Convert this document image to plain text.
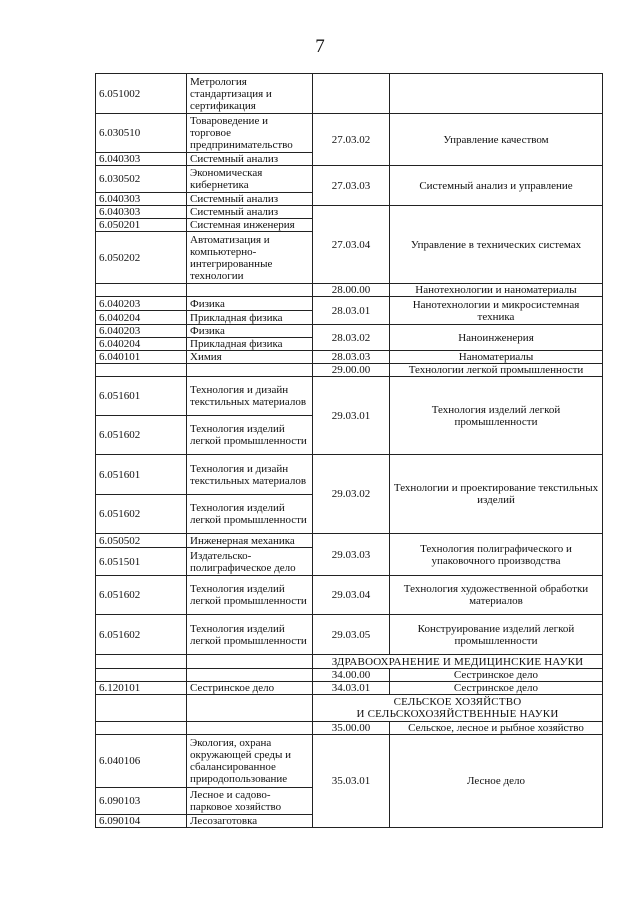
7
6.051002	Метрология стандартизация и сертификация		
6.030510	Товароведение и торговое предпринимательство	27.03.02	Управление качеством
6.040303	Системный анализ		
6.030502	Экономическая кибернетика	27.03.03	Системный анализ и управление
6.040303	Системный анализ		
6.040303	Системный анализ	27.03.04	Управление в технических системах
6.050201	Системная инженерия		
6.050202	Автоматизация и компьютерно-интегрированные технологии		
		28.00.00	Нанотехнологии и наноматериалы
6.040203	Физика	28.03.01	Нанотехнологии и микросистемная техника
6.040204	Прикладная физика		
6.040203	Физика	28.03.02	Наноинженерия
6.040204	Прикладная физика		
6.040101	Химия	28.03.03	Наноматериалы
		29.00.00	Технологии легкой промышленности
6.051601	Технология и дизайн текстильных материалов	29.03.01	Технология изделий легкой промышленности
6.051602	Технология изделий легкой промышленности		
6.051601	Технология и дизайн текстильных материалов	29.03.02	Технологии и проектирование текстильных изделий
6.051602	Технология изделий легкой промышленности		
6.050502	Инженерная механика	29.03.03	Технология полиграфического и упаковочного производства
6.051501	Издательско-полиграфическое дело		
6.051602	Технология изделий легкой промышленности	29.03.04	Технология художественной обработки материалов
6.051602	Технология изделий легкой промышленности	29.03.05	Конструирование изделий легкой промышленности
		ЗДРАВООХРАНЕНИЕ И МЕДИЦИНСКИЕ НАУКИ	
		34.00.00	Сестринское дело
6.120101	Сестринское дело	34.03.01	Сестринское дело

		СЕЛЬСКОЕ ХОЗЯЙСТВО
И СЕЛЬСКОХОЗЯЙСТВЕННЫЕ НАУКИ	

		35.00.00	Сельское, лесное и рыбное хозяйство
6.040106	Экология, охрана окружающей среды и сбалансированное природопользование	35.03.01	Лесное дело
6.090103	Лесное и садово-парковое хозяйство		
6.090104	Лесозаготовка		
